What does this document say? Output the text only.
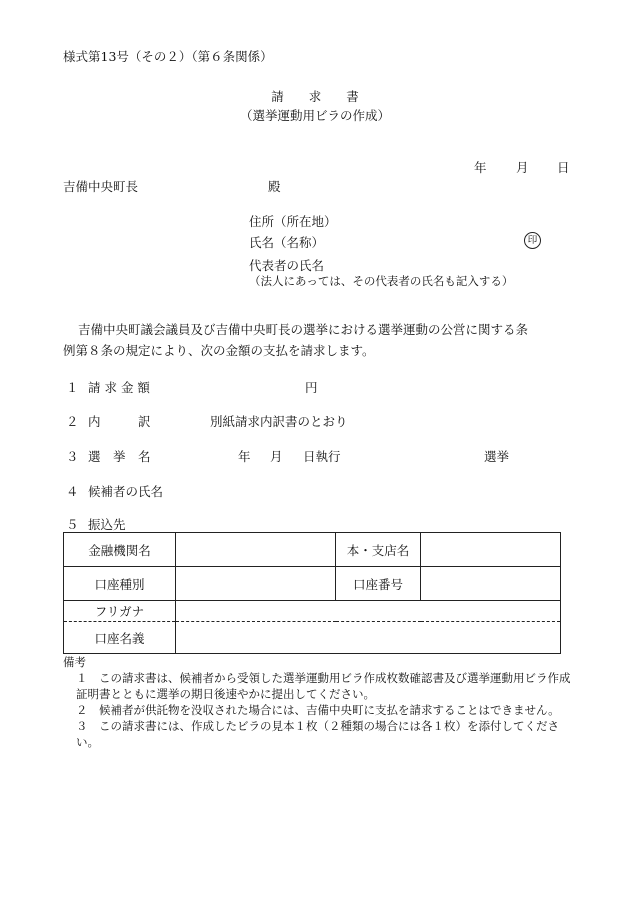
様式第13号（その２）（第６条関係）
請　　求　　書
（選挙運動用ビラの作成）
年 月 日
吉備中央町長	殿
住所（所在地）
氏名（名称）	印
代表者の氏名
（法人にあっては、その代表者の氏名も記入する）
吉備中央町議会議員及び吉備中央町長の選挙における選挙運動の公営に関する条
例第８条の規定により、次の金額の支払を請求します。
１ 請 求 金 額	円
２ 内　　　訳	別紙請求内訳書のとおり
３ 選　挙　名	年 月 日執行	選挙
４ 候補者の氏名
５ 振込先
金融機関名		本・支店名	
口座種別		口座番号	
フリガナ			
口座名義			
備考
１　この請求書は、候補者から受領した選挙運動用ビラ作成枚数確認書及び選挙運動用ビラ作成証明書とともに選挙の期日後速やかに提出してください。
２　候補者が供託物を没収された場合には、吉備中央町に支払を請求することはできません。
３　この請求書には、作成したビラの見本１枚（２種類の場合には各１枚）を添付してください。
